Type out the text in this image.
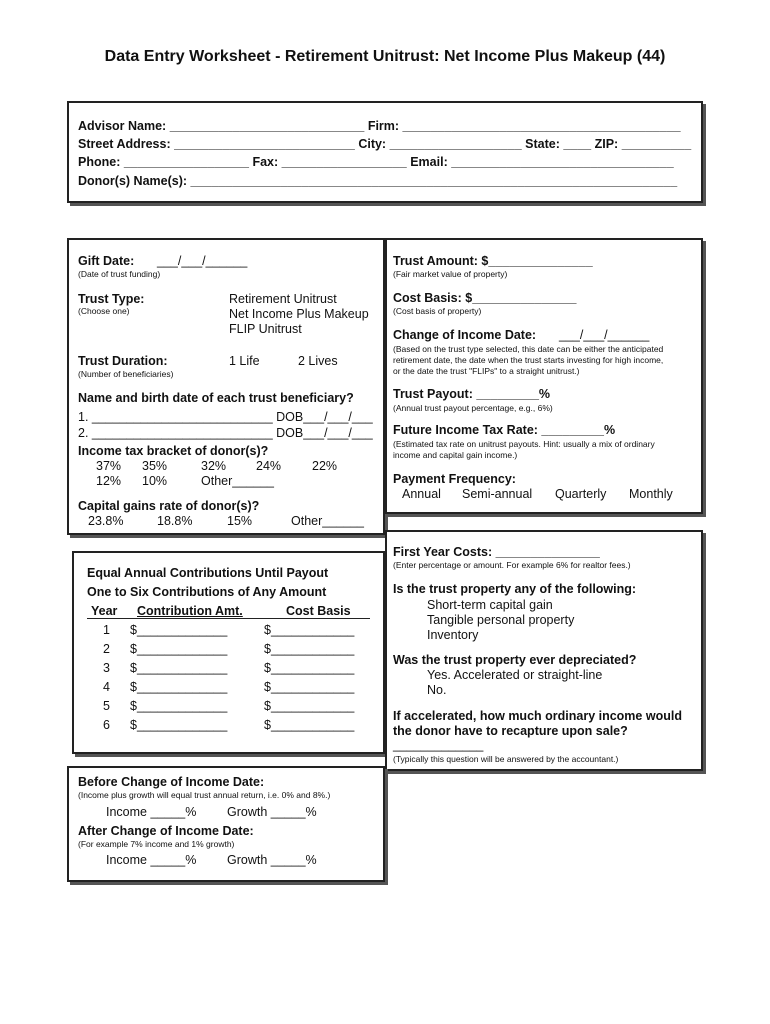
Data Entry Worksheet - Retirement Unitrust: Net Income Plus Makeup (44)
Advisor Name: ____________________________ Firm: ________________________________________
Street Address: __________________________ City: ___________________ State: ____ ZIP: __________
Phone: __________________ Fax: __________________ Email: ________________________________
Donor(s) Name(s): ______________________________________________________________________
Gift Date: ___/___/______
(Date of trust funding)
Trust Type:
(Choose one)
Retirement Unitrust
Net Income Plus Makeup
FLIP Unitrust
Trust Duration:
(Number of beneficiaries)
1 Life	2 Lives
Name and birth date of each trust beneficiary?
1. __________________________ DOB___/___/___
2. __________________________ DOB___/___/___
Income tax bracket of donor(s)?
37% 35%	32% 24% 22%
12% 10%	Other______
Capital gains rate of donor(s)?
23.8%	18.8%	15%	Other______
Trust Amount: $_______________
(Fair market value of property)
Cost Basis: $_______________
(Cost basis of property)
Change of Income Date: ___/___/______
(Based on the trust type selected, this date can be either the anticipated
retirement date, the date when the trust starts investing for high income,
or the date the trust "FLIPs" to a straight unitrust.)
Trust Payout: _________%
(Annual trust payout percentage, e.g., 6%)
Future Income Tax Rate: _________%
(Estimated tax rate on unitrust payouts. Hint: usually a mix of ordinary
income and capital gain income.)
Payment Frequency:
Annual Semi-annual Quarterly Monthly
Equal Annual Contributions Until Payout
One to Six Contributions of Any Amount
Year Contribution Amt.	Cost Basis
1 $_____________	$____________
2 $_____________	$____________
3 $_____________	$____________
4 $_____________	$____________
5 $_____________	$____________
6 $_____________	$____________
First Year Costs: _______________
(Enter percentage or amount. For example 6% for realtor fees.)
Is the trust property any of the following:
Short-term capital gain
Tangible personal property
Inventory
Was the trust property ever depreciated?
Yes. Accelerated or straight-line
No.
If accelerated, how much ordinary income would
the donor have to recapture upon sale?
_____________
(Typically this question will be answered by the accountant.)
Before Change of Income Date:
(Income plus growth will equal trust annual return, i.e. 0% and 8%.)
Income _____% Growth _____%
After Change of Income Date:
(For example 7% income and 1% growth)
Income _____% Growth _____%
